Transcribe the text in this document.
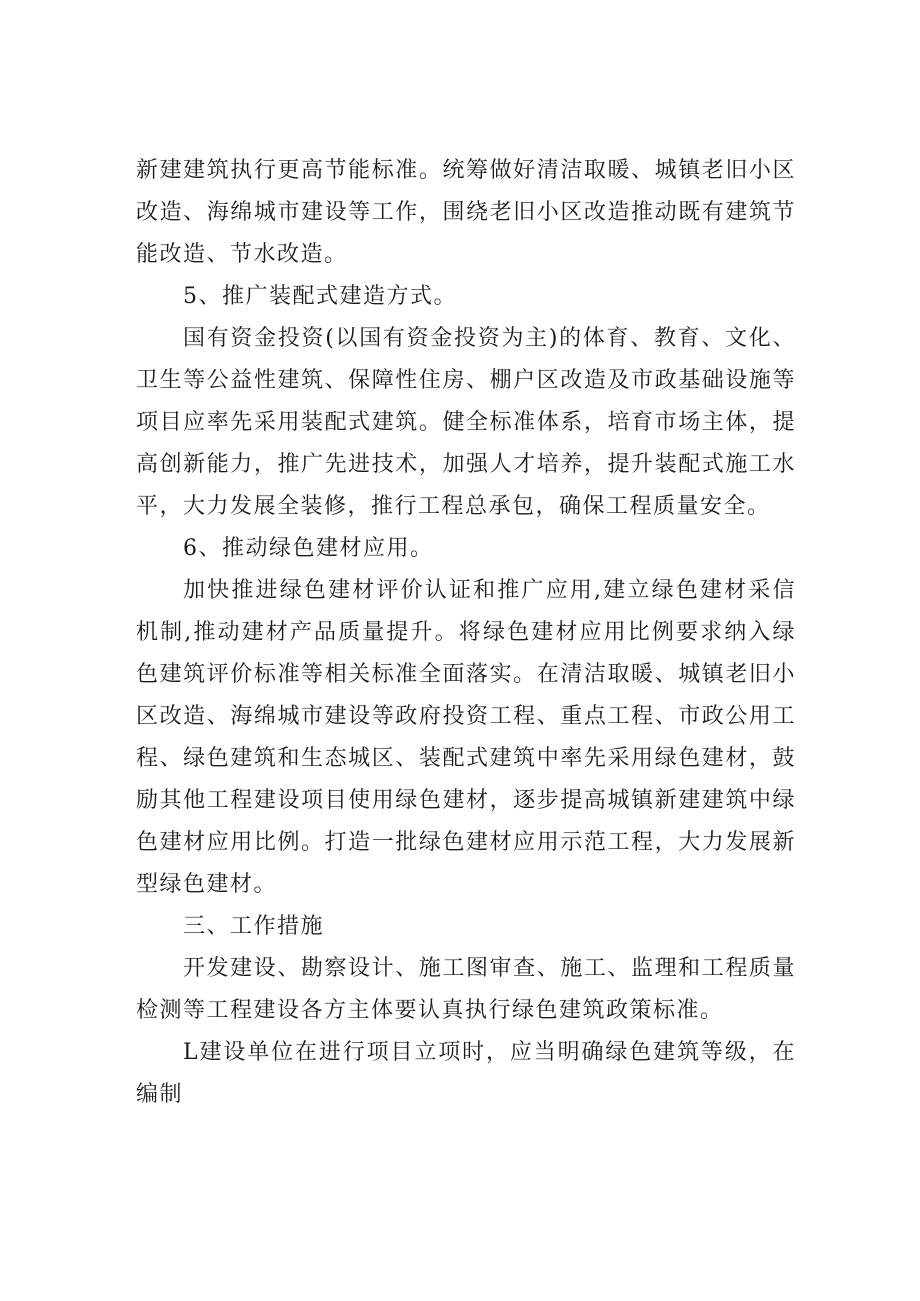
新建建筑执行更高节能标准。统筹做好清洁取暖、城镇老旧小区改造、海绵城市建设等工作，围绕老旧小区改造推动既有建筑节能改造、节水改造。

5、推广装配式建造方式。

国有资金投资(以国有资金投资为主)的体育、教育、文化、卫生等公益性建筑、保障性住房、棚户区改造及市政基础设施等项目应率先采用装配式建筑。健全标准体系，培育市场主体，提高创新能力，推广先进技术，加强人才培养，提升装配式施工水平，大力发展全装修，推行工程总承包，确保工程质量安全。

6、推动绿色建材应用。

加快推进绿色建材评价认证和推广应用,建立绿色建材采信机制,推动建材产品质量提升。将绿色建材应用比例要求纳入绿色建筑评价标准等相关标准全面落实。在清洁取暖、城镇老旧小区改造、海绵城市建设等政府投资工程、重点工程、市政公用工程、绿色建筑和生态城区、装配式建筑中率先采用绿色建材，鼓励其他工程建设项目使用绿色建材，逐步提高城镇新建建筑中绿色建材应用比例。打造一批绿色建材应用示范工程，大力发展新型绿色建材。

三、工作措施

开发建设、勘察设计、施工图审查、施工、监理和工程质量检测等工程建设各方主体要认真执行绿色建筑政策标准。

L建设单位在进行项目立项时，应当明确绿色建筑等级，在编制
